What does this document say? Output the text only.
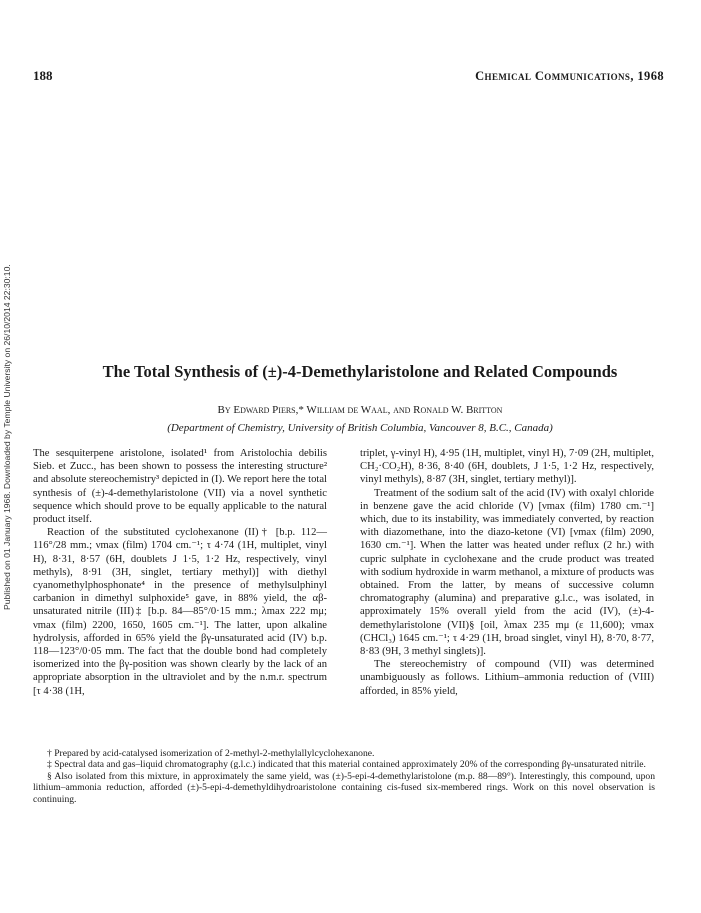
188	Chemical Communications, 1968
Published on 01 January 1968. Downloaded by Temple University on 26/10/2014 22:30:10.	The Total Synthesis of (±)-4-Demethylaristolone and Related Compounds
By Edward Piers,* William de Waal, and Ronald W. Britton
(Department of Chemistry, University of British Columbia, Vancouver 8, B.C., Canada)

The sesquiterpene aristolone, isolated¹ from Aristolochia debilis Sieb. et Zucc., has been shown to possess the interesting structure² and absolute stereochemistry³ depicted in (I). We report here the total synthesis of (±)-4-demethylaristolone (VII) via a novel synthetic sequence which should prove to be equally applicable to the natural product itself.

Reaction of the substituted cyclohexanone (II)† [b.p. 112—116°/28 mm.; νmax (film) 1704 cm.⁻¹; τ 4·74 (1H, multiplet, vinyl H), 8·31, 8·57 (6H, doublets J 1·5, 1·2 Hz, respectively, vinyl methyls), 8·91 (3H, singlet, tertiary methyl)] with diethyl cyanomethylphosphonate⁴ in the presence of methylsulphinyl carbanion in dimethyl sulphoxide⁵ gave, in 88% yield, the αβ-unsaturated nitrile (III)‡ [b.p. 84—85°/0·15 mm.; λmax 222 mμ; νmax (film) 2200, 1650, 1605 cm.⁻¹]. The latter, upon alkaline hydrolysis, afforded in 65% yield the βγ-unsaturated acid (IV) b.p. 118—123°/0·05 mm. The fact that the double bond had completely isomerized into the βγ-position was shown clearly by the lack of an appropriate absorption in the ultraviolet and by the n.m.r. spectrum [τ 4·38 (1H,

triplet, γ-vinyl H), 4·95 (1H, multiplet, vinyl H), 7·09 (2H, multiplet, CH₂·CO₂H), 8·36, 8·40 (6H, doublets, J 1·5, 1·2 Hz, respectively, vinyl methyls), 8·87 (3H, singlet, tertiary methyl)].

Treatment of the sodium salt of the acid (IV) with oxalyl chloride in benzene gave the acid chloride (V) [νmax (film) 1780 cm.⁻¹] which, due to its instability, was immediately converted, by reaction with diazomethane, into the diazo-ketone (VI) [νmax (film) 2090, 1630 cm.⁻¹]. When the latter was heated under reflux (2 hr.) with cupric sulphate in cyclohexane and the crude product was treated with sodium hydroxide in warm methanol, a mixture of products was obtained. From the latter, by means of successive column chromatography (alumina) and preparative g.l.c., was isolated, in approximately 15% overall yield from the acid (IV), (±)-4-demethylaristolone (VII)§ [oil, λmax 235 mμ (ε 11,600); νmax (CHCl₃) 1645 cm.⁻¹; τ 4·29 (1H, broad singlet, vinyl H), 8·70, 8·77, 8·83 (9H, 3 methyl singlets)].

The stereochemistry of compound (VII) was determined unambiguously as follows. Lithium–ammonia reduction of (VIII) afforded, in 85% yield,

† Prepared by acid-catalysed isomerization of 2-methyl-2-methylallylcyclohexanone.

‡ Spectral data and gas–liquid chromatography (g.l.c.) indicated that this material contained approximately 20% of the corresponding βγ-unsaturated nitrile.

§ Also isolated from this mixture, in approximately the same yield, was (±)-5-epi-4-demethylaristolone (m.p. 88—89°). Interestingly, this compound, upon lithium–ammonia reduction, afforded (±)-5-epi-4-demethyldihydroaristolone containing cis-fused six-membered rings. Work on this novel observation is continuing.
